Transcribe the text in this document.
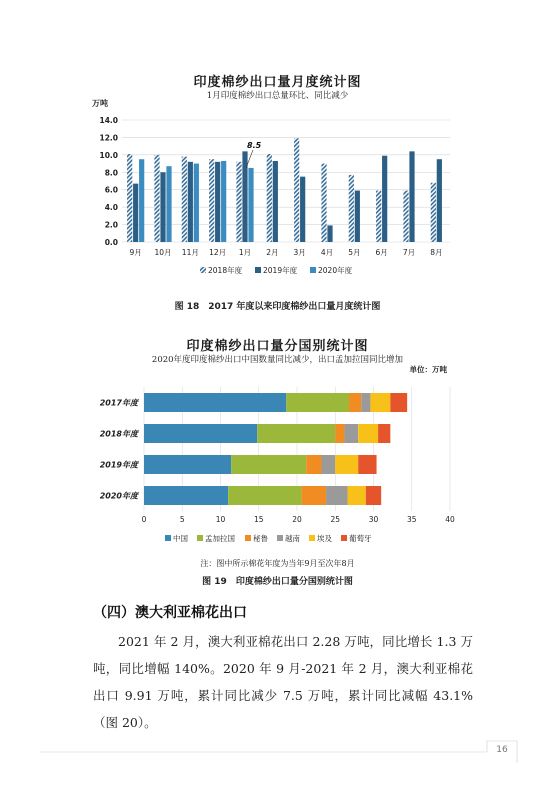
印度棉纱出口量月度统计图
1月印度棉纱出口总量环比、同比减少
万吨
0.0
2.0
4.0
6.0
8.0
10.0
12.0
14.0
9月 10月 11月 12月 1月 2月 3月 4月 5月 6月 7月 8月
8.5
2018年度	2019年度	2020年度
图 18　2017 年度以来印度棉纱出口量月度统计图
印度棉纱出口量分国别统计图
2020年度印度棉纱出口中国数量同比减少，出口孟加拉国同比增加
单位：万吨
2017年度
2018年度
2019年度
2020年度
0	5	10	15	20	25	30	35	40
中国 孟加拉国 秘鲁 越南 埃及 葡萄牙
注：图中所示棉花年度为当年9月至次年8月
图 19　印度棉纱出口量分国别统计图
（四）澳大利亚棉花出口

2021 年 2 月，澳大利亚棉花出口 2.28 万吨，同比增长 1.3 万吨，同比增幅 140%。2020 年 9 月-2021 年 2 月，澳大利亚棉花出口 9.91 万吨，累计同比减少 7.5 万吨，累计同比减幅 43.1%（图 20）。

16
